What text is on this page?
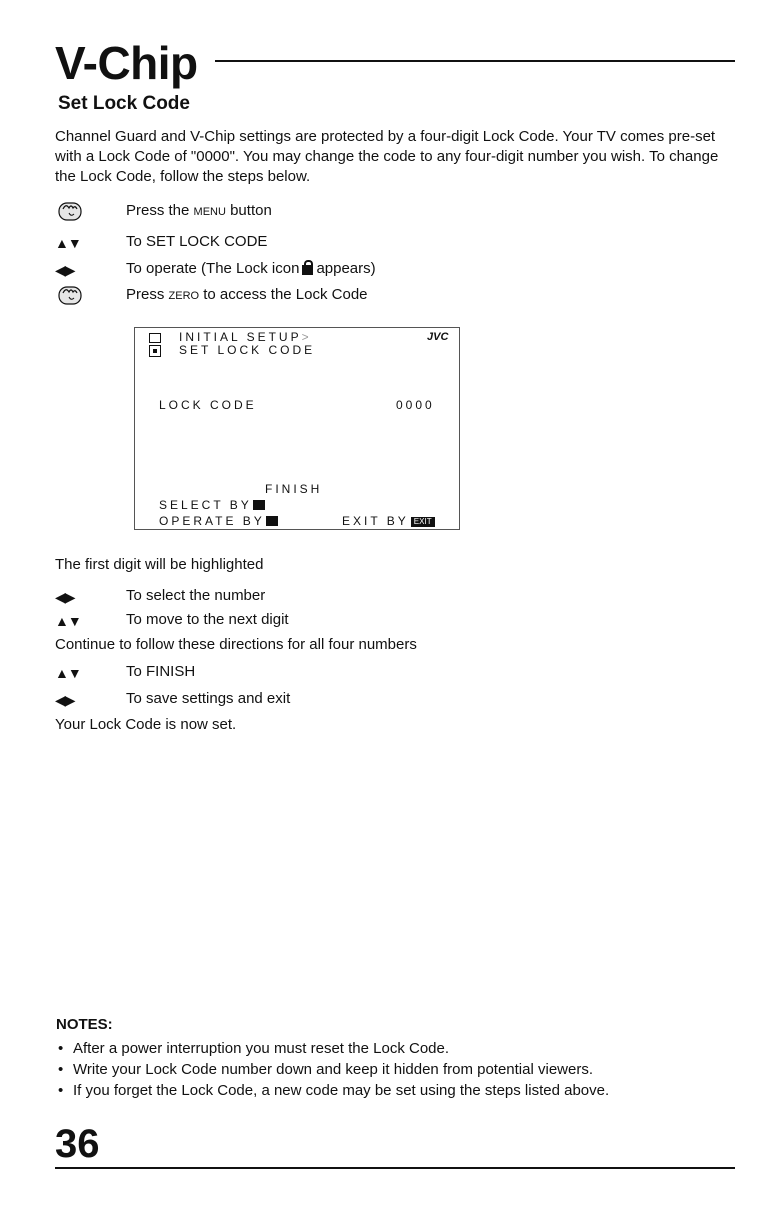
V-Chip
Set Lock Code
Channel Guard and V-Chip settings are protected by a four-digit Lock Code. Your TV comes pre-set with a Lock Code of "0000". You may change the code to any four-digit number you wish. To change the Lock Code, follow the steps below.
Press the MENU button
▲▼	To SET LOCK CODE
◀▶	To operate (The Lock icon appears)
Press ZERO to access the Lock Code
INITIAL SETUP>
SET LOCK CODE
JVC
LOCK CODE	0000
FINISH
SELECT BY
OPERATE BY	EXIT BY EXIT
The first digit will be highlighted
◀▶	To select the number
▲▼	To move to the next digit
Continue to follow these directions for all four numbers
▲▼	To FINISH
◀▶	To save settings and exit
Your Lock Code is now set.
NOTES:
• After a power interruption you must reset the Lock Code.
• Write your Lock Code number down and keep it hidden from potential viewers.
• If you forget the Lock Code, a new code may be set using the steps listed above.
36
